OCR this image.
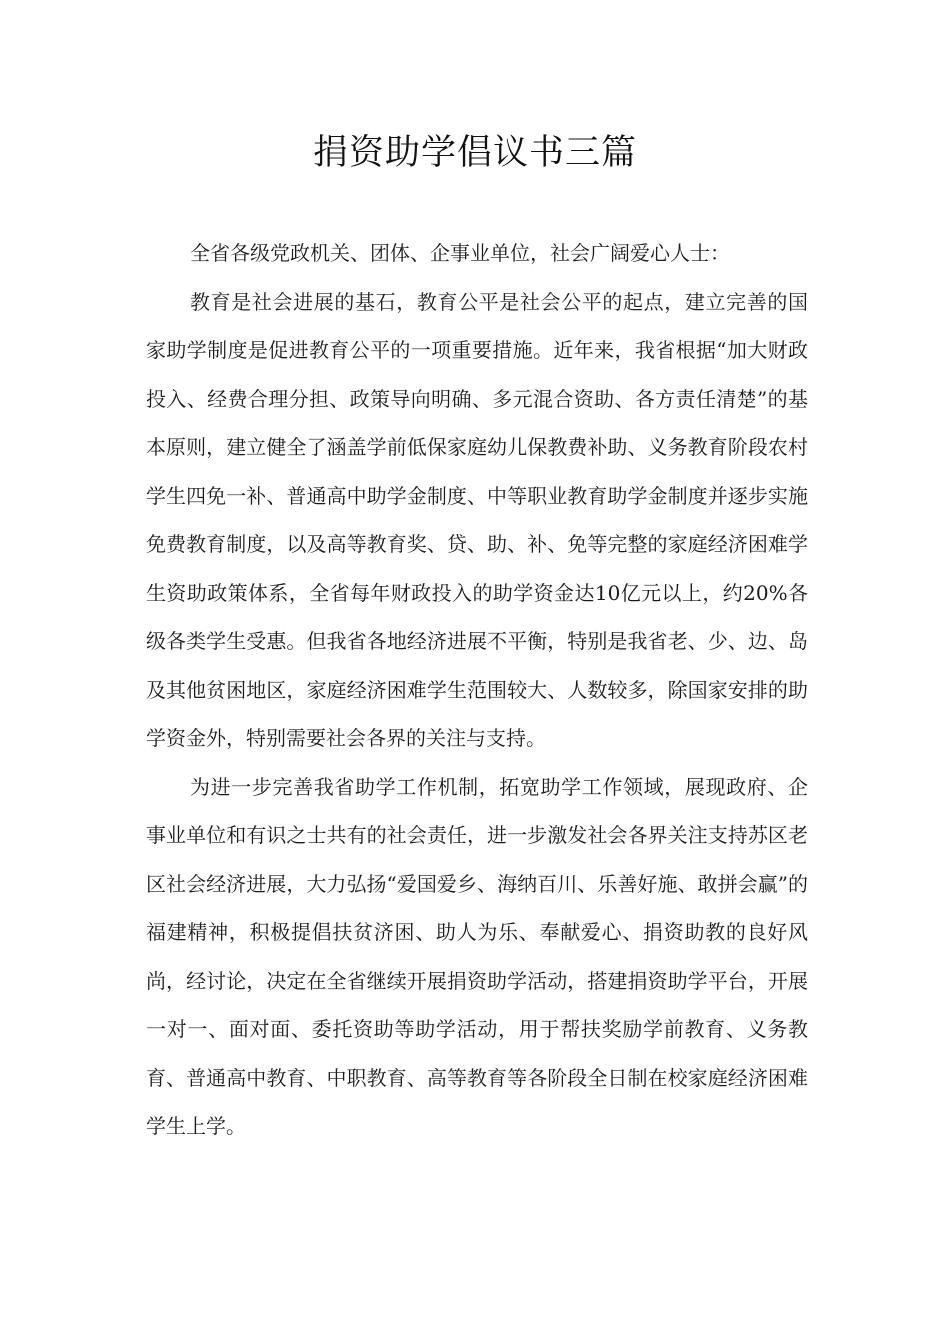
捐资助学倡议书三篇

全省各级党政机关、团体、企事业单位，社会广阔爱心人士：

教育是社会进展的基石，教育公平是社会公平的起点，建立完善的国家助学制度是促进教育公平的一项重要措施。近年来，我省根据“加大财政投入、经费合理分担、政策导向明确、多元混合资助、各方责任清楚”的基本原则，建立健全了涵盖学前低保家庭幼儿保教费补助、义务教育阶段农村学生四免一补、普通高中助学金制度、中等职业教育助学金制度并逐步实施免费教育制度，以及高等教育奖、贷、助、补、免等完整的家庭经济困难学生资助政策体系，全省每年财政投入的助学资金达10亿元以上，约20%各级各类学生受惠。但我省各地经济进展不平衡，特别是我省老、少、边、岛及其他贫困地区，家庭经济困难学生范围较大、人数较多，除国家安排的助学资金外，特别需要社会各界的关注与支持。

为进一步完善我省助学工作机制，拓宽助学工作领域，展现政府、企事业单位和有识之士共有的社会责任，进一步激发社会各界关注支持苏区老区社会经济进展，大力弘扬“爱国爱乡、海纳百川、乐善好施、敢拼会赢”的福建精神，积极提倡扶贫济困、助人为乐、奉献爱心、捐资助教的良好风尚，经讨论，决定在全省继续开展捐资助学活动，搭建捐资助学平台，开展一对一、面对面、委托资助等助学活动，用于帮扶奖励学前教育、义务教育、普通高中教育、中职教育、高等教育等各阶段全日制在校家庭经济困难学生上学。
